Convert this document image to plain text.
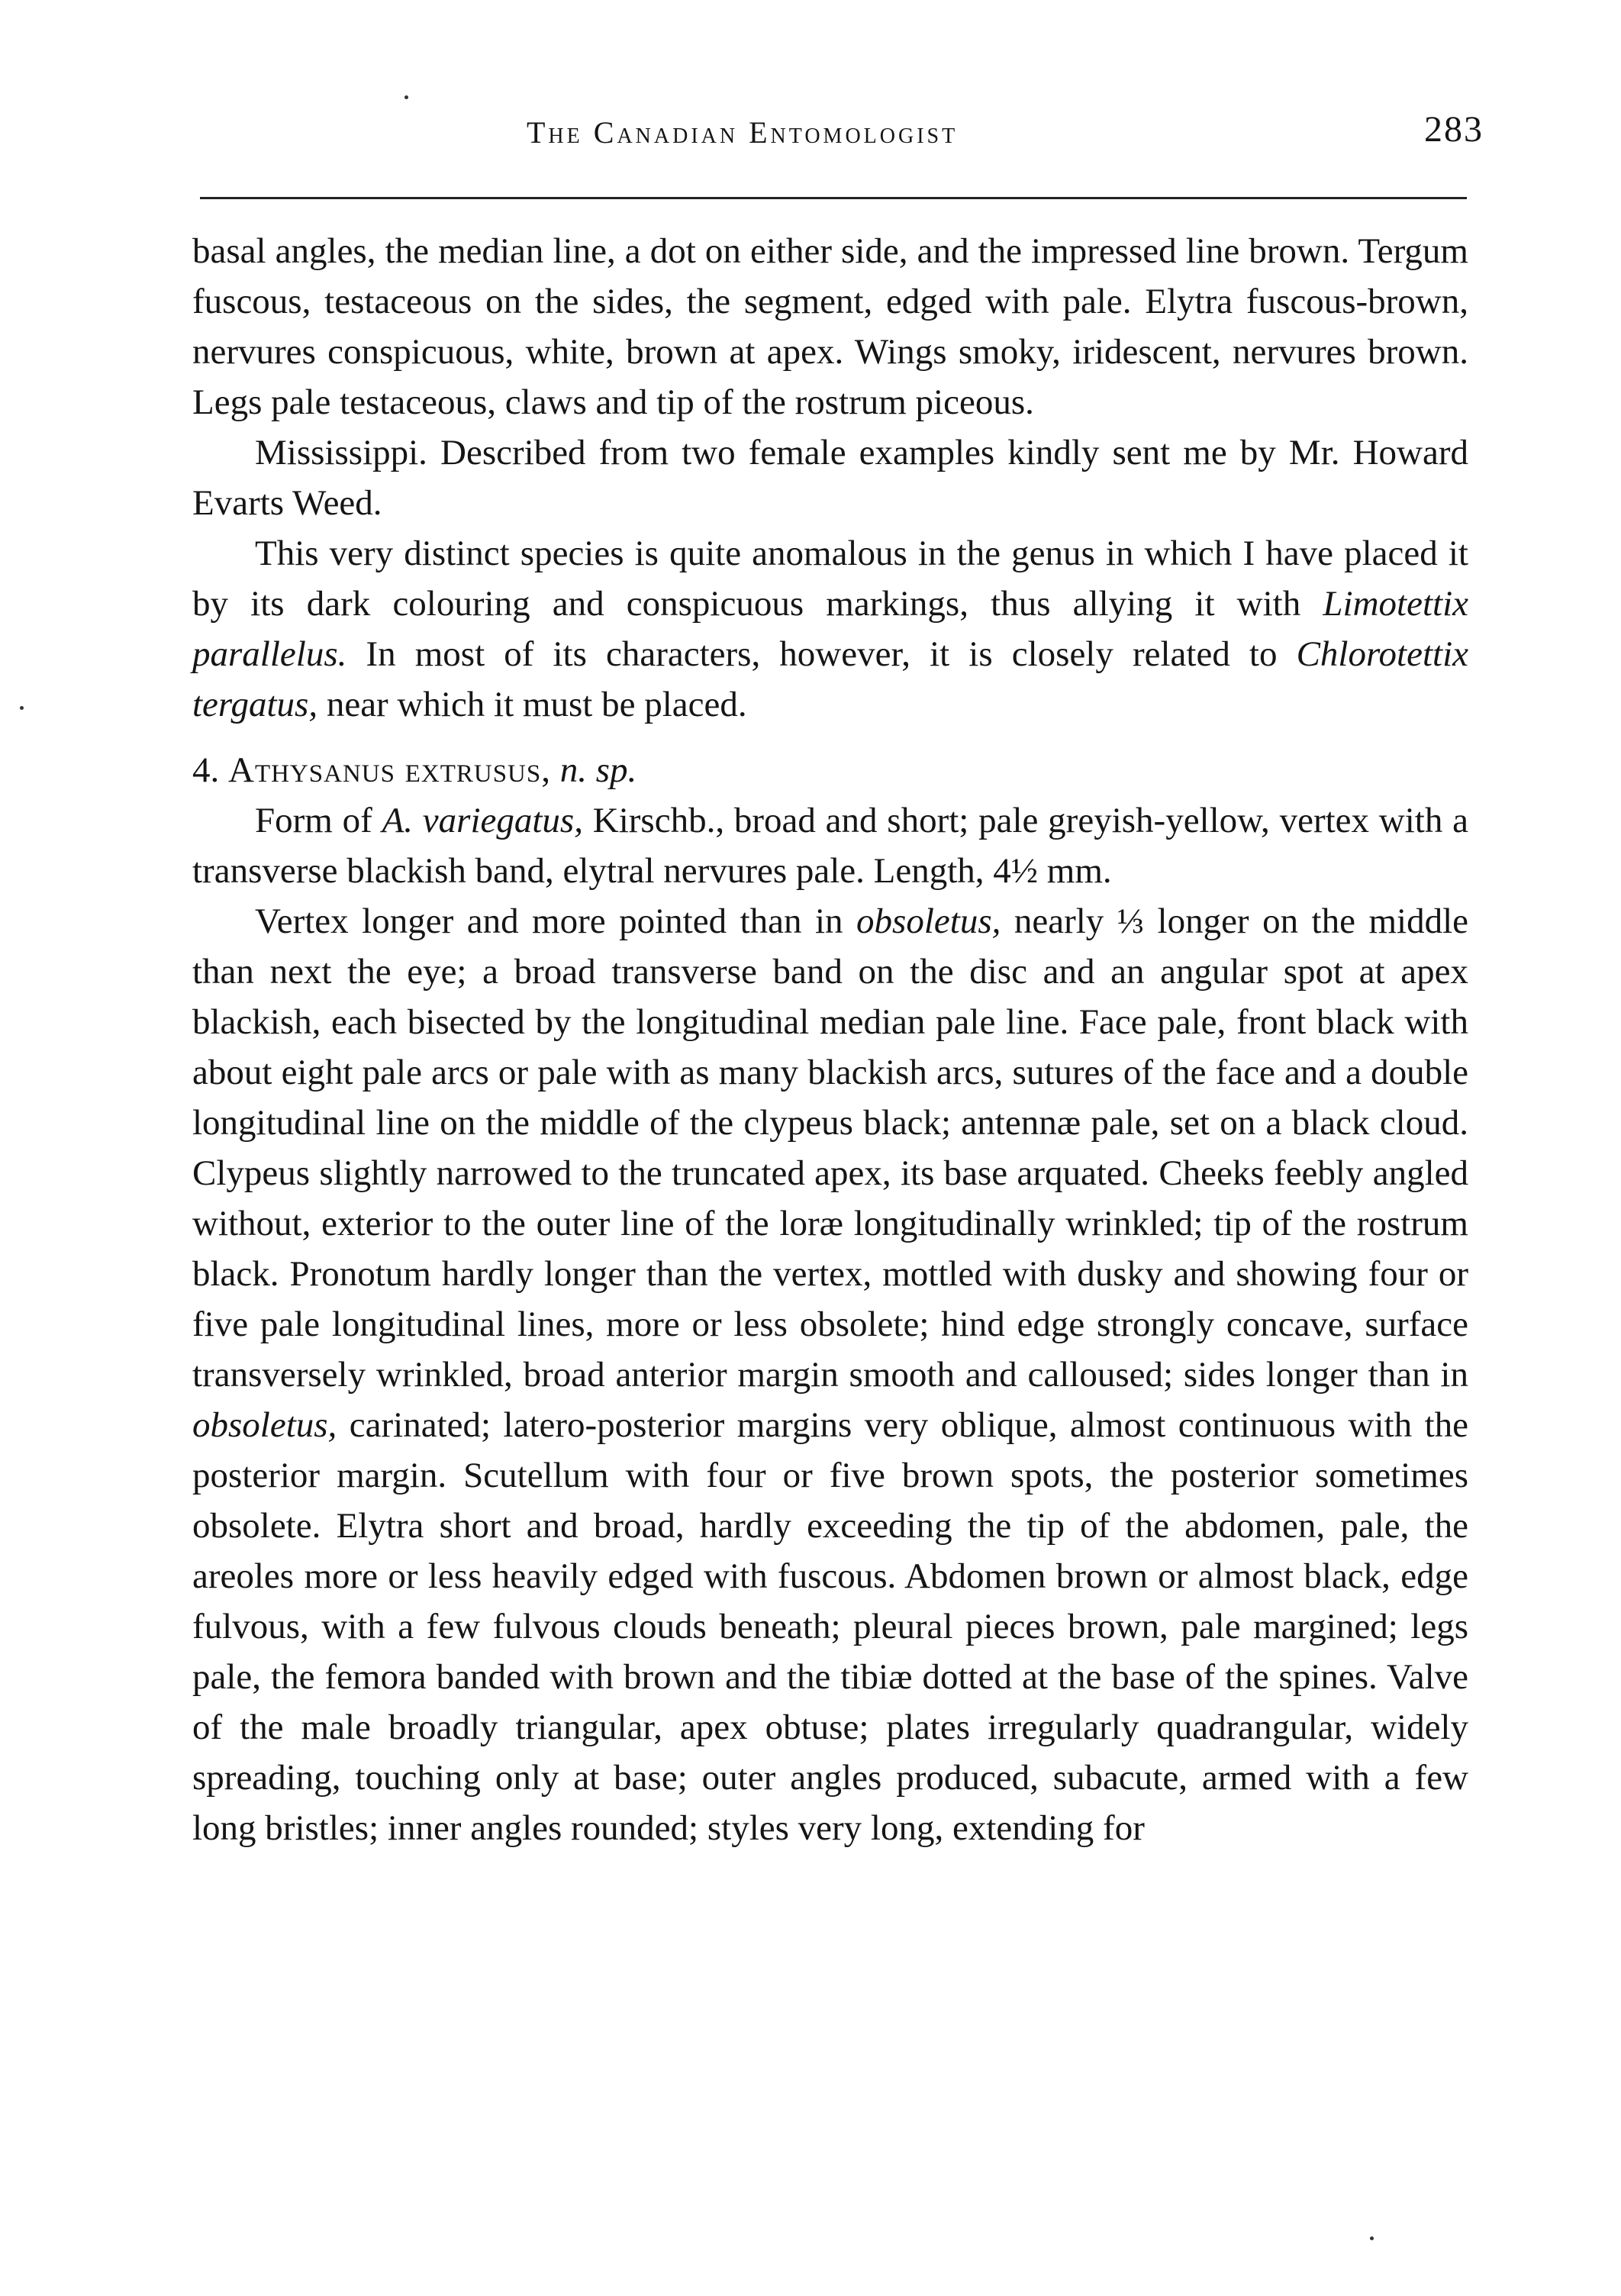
The Canadian Entomologist	283

basal angles, the median line, a dot on either side, and the impressed line brown. Tergum fuscous, testaceous on the sides, the segment, edged with pale. Elytra fuscous-brown, nervures conspicuous, white, brown at apex. Wings smoky, iridescent, nervures brown. Legs pale testaceous, claws and tip of the rostrum piceous.

Mississippi. Described from two female examples kindly sent me by Mr. Howard Evarts Weed.

This very distinct species is quite anomalous in the genus in which I have placed it by its dark colouring and conspicuous markings, thus allying it with Limotettix parallelus. In most of its characters, however, it is closely related to Chlorotettix tergatus, near which it must be placed.

4. Athysanus extrusus, n. sp.

Form of A. variegatus, Kirschb., broad and short; pale greyish-yellow, vertex with a transverse blackish band, elytral nervures pale. Length, 4½ mm.

Vertex longer and more pointed than in obsoletus, nearly ⅓ longer on the middle than next the eye; a broad transverse band on the disc and an angular spot at apex blackish, each bisected by the longitudinal median pale line. Face pale, front black with about eight pale arcs or pale with as many blackish arcs, sutures of the face and a double longitudinal line on the middle of the clypeus black; antennæ pale, set on a black cloud. Clypeus slightly narrowed to the truncated apex, its base arquated. Cheeks feebly angled without, exterior to the outer line of the loræ longitudinally wrinkled; tip of the rostrum black. Pronotum hardly longer than the vertex, mottled with dusky and showing four or five pale longitudinal lines, more or less obsolete; hind edge strongly concave, surface transversely wrinkled, broad anterior margin smooth and calloused; sides longer than in obsoletus, carinated; latero-posterior margins very oblique, almost continuous with the posterior margin. Scutellum with four or five brown spots, the posterior sometimes obsolete. Elytra short and broad, hardly exceeding the tip of the abdomen, pale, the areoles more or less heavily edged with fuscous. Abdomen brown or almost black, edge fulvous, with a few fulvous clouds beneath; pleural pieces brown, pale margined; legs pale, the femora banded with brown and the tibiæ dotted at the base of the spines. Valve of the male broadly triangular, apex obtuse; plates irregularly quadrangular, widely spreading, touching only at base; outer angles produced, subacute, armed with a few long bristles; inner angles rounded; styles very long, extending for
